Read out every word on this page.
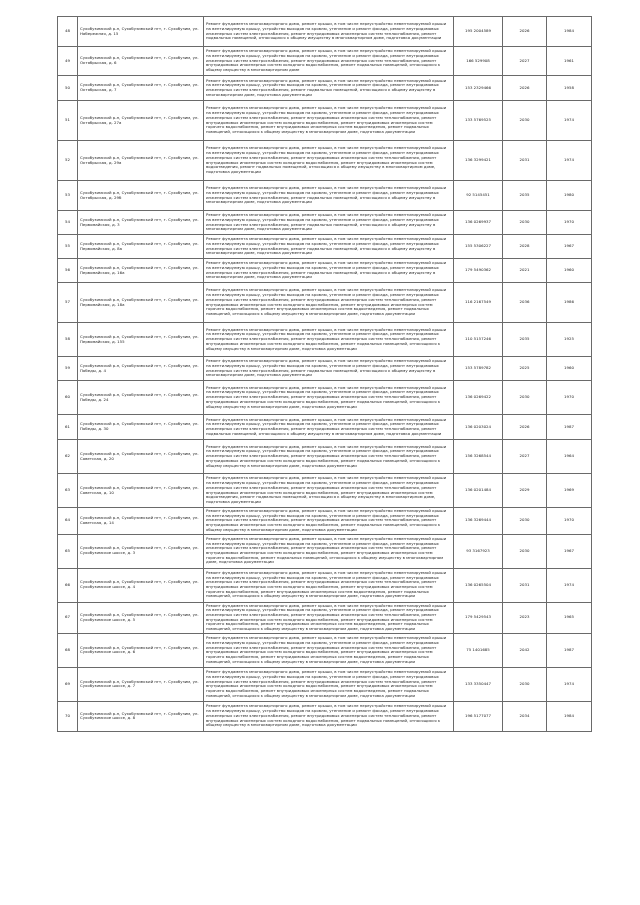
48	Сухобузимский р-н, Сухобузимский пгт, г. Сухобузим, ул. Набережная, д. 15	Ремонт фундамента многоквартирного дома, ремонт крыши, в том числе переустройство невентилируемой крыши на вентилируемую крышу, устройство выходов на кровлю, утепление и ремонт фасада, ремонт внутридомовых инженерных систем электроснабжения, ремонт внутридомовых инженерных систем теплоснабжения, ремонт подвальных помещений, относящихся к общему имуществу в многоквартирном доме, подготовка документации	195 2004589	2026	1984
49	Сухобузимский р-н, Сухобузимский пгт, г. Сухобузим, ул. Октябрьская, д. 6	Ремонт фундамента многоквартирного дома, ремонт крыши, в том числе переустройство невентилируемой крыши на вентилируемую крышу, устройство выходов на кровлю, утепление и ремонт фасада, ремонт внутридомовых инженерных систем электроснабжения, ремонт внутридомовых инженерных систем теплоснабжения, ремонт внутридомовых инженерных систем холодного водоснабжения, ремонт подвальных помещений, относящихся к общему имуществу в многоквартирном доме	166 529908	2027	1961
50	Сухобузимский р-н, Сухобузимский пгт, г. Сухобузим, ул. Октябрьская, д. 7	Ремонт фундамента многоквартирного дома, ремонт крыши, в том числе переустройство невентилируемой крыши на вентилируемую крышу, устройство выходов на кровлю, утепление и ремонт фасада, ремонт внутридомовых инженерных систем электроснабжения, ремонт подвальных помещений, относящихся к общему имуществу в многоквартирном доме, подготовка документации	153 2329466	2026	1958
51	Сухобузимский р-н, Сухобузимский пгт, г. Сухобузим, ул. Октябрьская, д. 27а	Ремонт фундамента многоквартирного дома, ремонт крыши, в том числе переустройство невентилируемой крыши на вентилируемую крышу, устройство выходов на кровлю, утепление и ремонт фасада, ремонт внутридомовых инженерных систем электроснабжения, ремонт внутридомовых инженерных систем теплоснабжения, ремонт внутридомовых инженерных систем холодного водоснабжения, ремонт внутридомовых инженерных систем горячего водоснабжения, ремонт внутридомовых инженерных систем водоотведения, ремонт подвальных помещений, относящихся к общему имуществу в многоквартирном доме, подготовка документации	133 5769525	2030	1974
52	Сухобузимский р-н, Сухобузимский пгт, г. Сухобузим, ул. Октябрьская, д. 29а	Ремонт фундамента многоквартирного дома, ремонт крыши, в том числе переустройство невентилируемой крыши на вентилируемую крышу, устройство выходов на кровлю, утепление и ремонт фасада, ремонт внутридомовых инженерных систем электроснабжения, ремонт внутридомовых инженерных систем теплоснабжения, ремонт внутридомовых инженерных систем холодного водоснабжения, ремонт внутридомовых инженерных систем водоотведения, ремонт подвальных помещений, относящихся к общему имуществу в многоквартирном доме, подготовка документации	136 3299421	2031	1974
53	Сухобузимский р-н, Сухобузимский пгт, г. Сухобузим, ул. Октябрьская, д. 29б	Ремонт фундамента многоквартирного дома, ремонт крыши, в том числе переустройство невентилируемой крыши на вентилируемую крышу, устройство выходов на кровлю, утепление и ремонт фасада, ремонт внутридомовых инженерных систем электроснабжения, ремонт подвальных помещений, относящихся к общему имуществу в многоквартирном доме, подготовка документации	92 5145451	2035	1980
54	Сухобузимский р-н, Сухобузимский пгт, г. Сухобузим, ул. Первомайская, д. 3	Ремонт фундамента многоквартирного дома, ремонт крыши, в том числе переустройство невентилируемой крыши на вентилируемую крышу, устройство выходов на кровлю, утепление и ремонт фасада, ремонт внутридомовых инженерных систем электроснабжения, ремонт подвальных помещений, относящихся к общему имуществу в многоквартирном доме, подготовка документации	136 0269937	2030	1970
55	Сухобузимский р-н, Сухобузимский пгт, г. Сухобузим, ул. Первомайская, д. 8а	Ремонт фундамента многоквартирного дома, ремонт крыши, в том числе переустройство невентилируемой крыши на вентилируемую крышу, устройство выходов на кровлю, утепление и ремонт фасада, ремонт внутридомовых инженерных систем электроснабжения, ремонт подвальных помещений, относящихся к общему имуществу в многоквартирном доме, подготовка документации	155 5306227	2028	1967
56	Сухобузимский р-н, Сухобузимский пгт, г. Сухобузим, ул. Первомайская, д. 16а	Ремонт фундамента многоквартирного дома, ремонт крыши, в том числе переустройство невентилируемой крыши на вентилируемую крышу, устройство выходов на кровлю, утепление и ремонт фасада, ремонт внутридомовых инженерных систем электроснабжения, ремонт подвальных помещений, относящихся к общему имуществу в многоквартирном доме, подготовка документации	179 5490362	2021	1960
57	Сухобузимский р-н, Сухобузимский пгт, г. Сухобузим, ул. Первомайская, д. 18а	Ремонт фундамента многоквартирного дома, ремонт крыши, в том числе переустройство невентилируемой крыши на вентилируемую крышу, устройство выходов на кровлю, утепление и ремонт фасада, ремонт внутридомовых инженерных систем электроснабжения, ремонт внутридомовых инженерных систем теплоснабжения, ремонт внутридомовых инженерных систем холодного водоснабжения, ремонт внутридомовых инженерных систем горячего водоснабжения, ремонт внутридомовых инженерных систем водоотведения, ремонт подвальных помещений, относящихся к общему имуществу в многоквартирном доме, подготовка документации	116 2167549	2036	1986
58	Сухобузимский р-н, Сухобузимский пгт, г. Сухобузим, ул. Первомайская, д. 155	Ремонт фундамента многоквартирного дома, ремонт крыши, в том числе переустройство невентилируемой крыши на вентилируемую крышу, устройство выходов на кровлю, утепление и ремонт фасада, ремонт внутридомовых инженерных систем электроснабжения, ремонт внутридомовых инженерных систем теплоснабжения, ремонт внутридомовых инженерных систем холодного водоснабжения, ремонт подвальных помещений, относящихся к общему имуществу в многоквартирном доме, подготовка документации	110 5157246	2035	1925
59	Сухобузимский р-н, Сухобузимский пгт, г. Сухобузим, ул. Победы, д. 4	Ремонт фундамента многоквартирного дома, ремонт крыши, в том числе переустройство невентилируемой крыши на вентилируемую крышу, устройство выходов на кровлю, утепление и ремонт фасада, ремонт внутридомовых инженерных систем электроснабжения, ремонт подвальных помещений, относящихся к общему имуществу в многоквартирном доме, подготовка документации	153 5789782	2025	1960
60	Сухобузимский р-н, Сухобузимский пгт, г. Сухобузим, ул. Победы, д. 24	Ремонт фундамента многоквартирного дома, ремонт крыши, в том числе переустройство невентилируемой крыши на вентилируемую крышу, устройство выходов на кровлю, утепление и ремонт фасада, ремонт внутридомовых инженерных систем электроснабжения, ремонт внутридомовых инженерных систем теплоснабжения, ремонт внутридомовых инженерных систем холодного водоснабжения, ремонт подвальных помещений, относящихся к общему имуществу в многоквартирном доме, подготовка документации	136 0269422	2030	1970
61	Сухобузимский р-н, Сухобузимский пгт, г. Сухобузим, ул. Победы, д. 30	Ремонт фундамента многоквартирного дома, ремонт крыши, в том числе переустройство невентилируемой крыши на вентилируемую крышу, устройство выходов на кровлю, утепление и ремонт фасада, ремонт внутридомовых инженерных систем электроснабжения, ремонт внутридомовых инженерных систем теплоснабжения, ремонт подвальных помещений, относящихся к общему имуществу в многоквартирном доме, подготовка документации	136 0203024	2026	1987
62	Сухобузимский р-н, Сухобузимский пгт, г. Сухобузим, ул. Советская, д. 20	Ремонт фундамента многоквартирного дома, ремонт крыши, в том числе переустройство невентилируемой крыши на вентилируемую крышу, устройство выходов на кровлю, утепление и ремонт фасада, ремонт внутридомовых инженерных систем электроснабжения, ремонт внутридомовых инженерных систем теплоснабжения, ремонт внутридомовых инженерных систем холодного водоснабжения, ремонт подвальных помещений, относящихся к общему имуществу в многоквартирном доме, подготовка документации	156 3268544	2027	1964
63	Сухобузимский р-н, Сухобузимский пгт, г. Сухобузим, ул. Советская, д. 10	Ремонт фундамента многоквартирного дома, ремонт крыши, в том числе переустройство невентилируемой крыши на вентилируемую крышу, устройство выходов на кровлю, утепление и ремонт фасада, ремонт внутридомовых инженерных систем электроснабжения, ремонт внутридомовых инженерных систем теплоснабжения, ремонт внутридомовых инженерных систем холодного водоснабжения, ремонт внутридомовых инженерных систем водоотведения, ремонт подвальных помещений, относящихся к общему имуществу в многоквартирном доме, подготовка документации	136 0201484	2029	1969
64	Сухобузимский р-н, Сухобузимский пгт, г. Сухобузим, ул. Советская, д. 14	Ремонт фундамента многоквартирного дома, ремонт крыши, в том числе переустройство невентилируемой крыши на вентилируемую крышу, устройство выходов на кровлю, утепление и ремонт фасада, ремонт внутридомовых инженерных систем электроснабжения, ремонт внутридомовых инженерных систем теплоснабжения, ремонт внутридомовых инженерных систем холодного водоснабжения, ремонт подвальных помещений, относящихся к общему имуществу в многоквартирном доме, подготовка документации	136 3269444	2030	1970
65	Сухобузимский р-н, Сухобузимский пгт, г. Сухобузим, ул. Сухобузимское шоссе, д. 3	Ремонт фундамента многоквартирного дома, ремонт крыши, в том числе переустройство невентилируемой крыши на вентилируемую крышу, устройство выходов на кровлю, утепление и ремонт фасада, ремонт внутридомовых инженерных систем электроснабжения, ремонт внутридомовых инженерных систем теплоснабжения, ремонт внутридомовых инженерных систем холодного водоснабжения, ремонт внутридомовых инженерных систем горячего водоснабжения, ремонт подвальных помещений, относящихся к общему имуществу в многоквартирном доме, подготовка документации	93 3167923	2030	1967
66	Сухобузимский р-н, Сухобузимский пгт, г. Сухобузим, ул. Сухобузимское шоссе, д. 4	Ремонт фундамента многоквартирного дома, ремонт крыши, в том числе переустройство невентилируемой крыши на вентилируемую крышу, устройство выходов на кровлю, утепление и ремонт фасада, ремонт внутридомовых инженерных систем электроснабжения, ремонт внутридомовых инженерных систем теплоснабжения, ремонт внутридомовых инженерных систем холодного водоснабжения, ремонт внутридомовых инженерных систем горячего водоснабжения, ремонт внутридомовых инженерных систем водоотведения, ремонт подвальных помещений, относящихся к общему имуществу в многоквартирном доме, подготовка документации	136 0265504	2031	1974
67	Сухобузимский р-н, Сухобузимский пгт, г. Сухобузим, ул. Сухобузимское шоссе, д. 5	Ремонт фундамента многоквартирного дома, ремонт крыши, в том числе переустройство невентилируемой крыши на вентилируемую крышу, устройство выходов на кровлю, утепление и ремонт фасада, ремонт внутридомовых инженерных систем электроснабжения, ремонт внутридомовых инженерных систем теплоснабжения, ремонт внутридомовых инженерных систем холодного водоснабжения, ремонт внутридомовых инженерных систем горячего водоснабжения, ремонт внутридомовых инженерных систем водоотведения, ремонт подвальных помещений, относящихся к общему имуществу в многоквартирном доме, подготовка документации	179 5429543	2023	1965
68	Сухобузимский р-н, Сухобузимский пгт, г. Сухобузим, ул. Сухобузимское шоссе, д. 6	Ремонт фундамента многоквартирного дома, ремонт крыши, в том числе переустройство невентилируемой крыши на вентилируемую крышу, устройство выходов на кровлю, утепление и ремонт фасада, ремонт внутридомовых инженерных систем электроснабжения, ремонт внутридомовых инженерных систем теплоснабжения, ремонт внутридомовых инженерных систем холодного водоснабжения, ремонт внутридомовых инженерных систем горячего водоснабжения, ремонт внутридомовых инженерных систем водоотведения, ремонт подвальных помещений, относящихся к общему имуществу в многоквартирном доме, подготовка документации	75 1401685	2042	1987
69	Сухобузимский р-н, Сухобузимский пгт, г. Сухобузим, ул. Сухобузимское шоссе, д. 7	Ремонт фундамента многоквартирного дома, ремонт крыши, в том числе переустройство невентилируемой крыши на вентилируемую крышу, устройство выходов на кровлю, утепление и ремонт фасада, ремонт внутридомовых инженерных систем электроснабжения, ремонт внутридомовых инженерных систем теплоснабжения, ремонт внутридомовых инженерных систем холодного водоснабжения, ремонт внутридомовых инженерных систем горячего водоснабжения, ремонт внутридомовых инженерных систем водоотведения, ремонт подвальных помещений, относящихся к общему имуществу в многоквартирном доме, подготовка документации	133 3350447	2030	1974
70	Сухобузимский р-н, Сухобузимский пгт, г. Сухобузим, ул. Сухобузимское шоссе, д. 8	Ремонт фундамента многоквартирного дома, ремонт крыши, в том числе переустройство невентилируемой крыши на вентилируемую крышу, устройство выходов на кровлю, утепление и ремонт фасада, ремонт внутридомовых инженерных систем электроснабжения, ремонт внутридомовых инженерных систем теплоснабжения, ремонт внутридомовых инженерных систем холодного водоснабжения, ремонт подвальных помещений, относящихся к общему имуществу в многоквартирном доме, подготовка документации	196 5177077	2034	1984
